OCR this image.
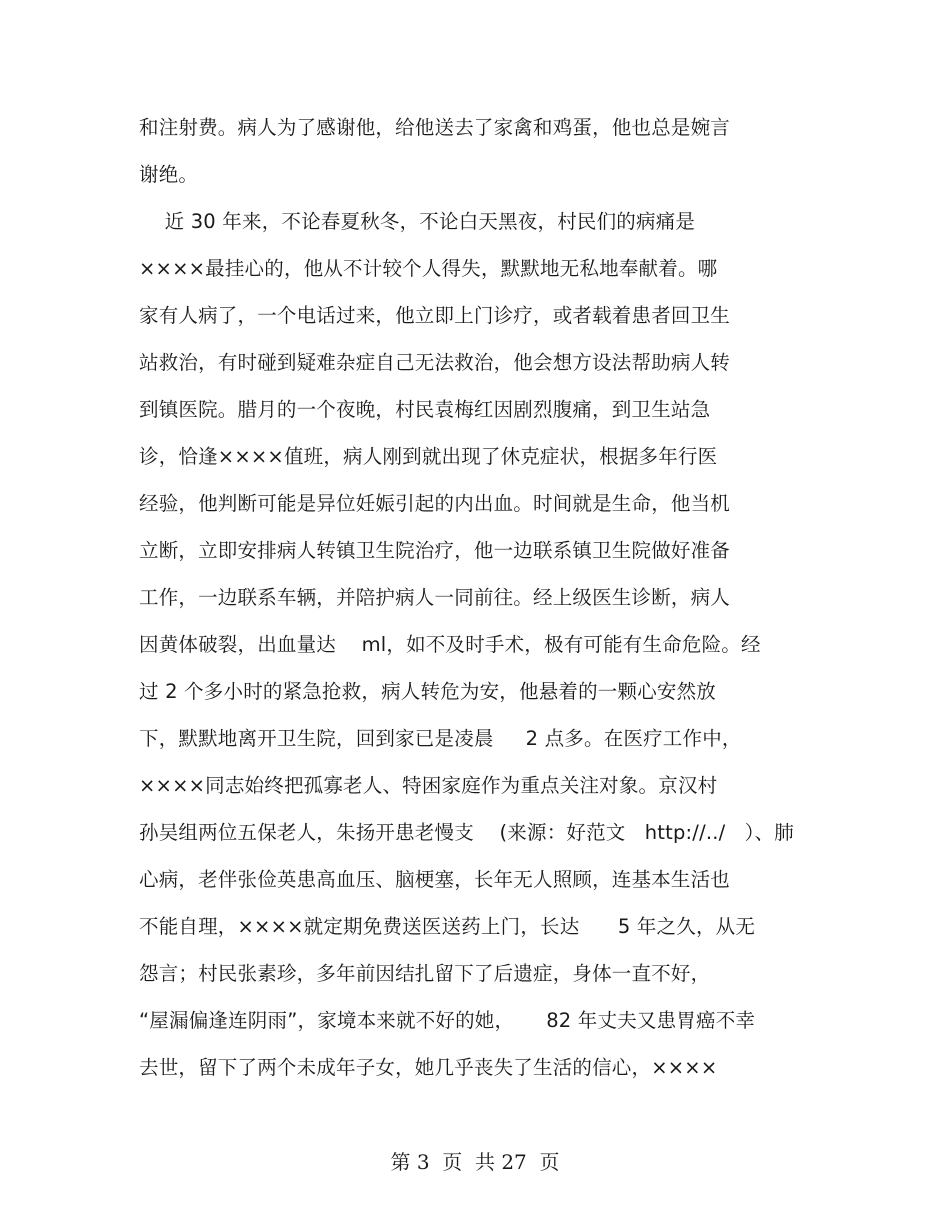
和注射费。病人为了感谢他，给他送去了家禽和鸡蛋，他也总是婉言
谢绝。
近 30 年来，不论春夏秋冬，不论白天黑夜，村民们的病痛是
××××最挂心的，他从不计较个人得失，默默地无私地奉献着。哪
家有人病了，一个电话过来，他立即上门诊疗，或者载着患者回卫生
站救治，有时碰到疑难杂症自己无法救治，他会想方设法帮助病人转
到镇医院。腊月的一个夜晚，村民袁梅红因剧烈腹痛，到卫生站急
诊，恰逢××××值班，病人刚到就出现了休克症状，根据多年行医
经验，他判断可能是异位妊娠引起的内出血。时间就是生命，他当机
立断，立即安排病人转镇卫生院治疗，他一边联系镇卫生院做好准备
工作，一边联系车辆，并陪护病人一同前往。经上级医生诊断，病人
因黄体破裂，出血量达    ml，如不及时手术，极有可能有生命危险。经
过 2 个多小时的紧急抢救，病人转危为安，他悬着的一颗心安然放
下，默默地离开卫生院，回到家已是凌晨     2 点多。在医疗工作中，
××××同志始终把孤寡老人、特困家庭作为重点关注对象。京汉村
孙吴组两位五保老人，朱扬开患老慢支    (来源：好范文   http://../   ）、肺
心病，老伴张俭英患高血压、脑梗塞，长年无人照顾，连基本生活也
不能自理，××××就定期免费送医送药上门，长达      5 年之久，从无
怨言；村民张素珍，多年前因结扎留下了后遗症，身体一直不好，
“屋漏偏逢连阴雨”，家境本来就不好的她，     82 年丈夫又患胃癌不幸
去世，留下了两个未成年子女，她几乎丧失了生活的信心，××××
第 3  页  共 27  页
